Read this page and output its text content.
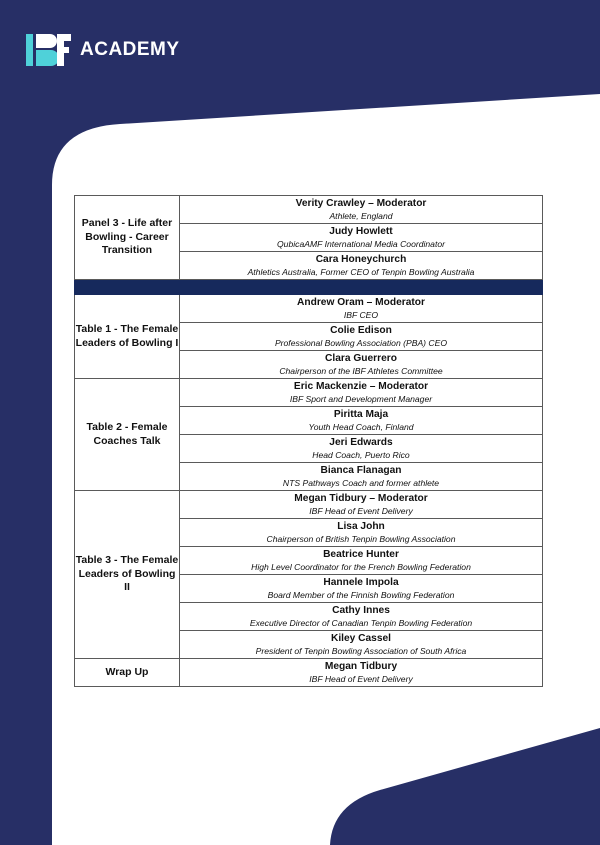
ACADEMY
Panel 3 - Life after Bowling - Career Transition	Verity Crawley – Moderator
Athlete, England

	Judy Howlett
QubicaAMF International Media Coordinator

	Cara Honeychurch
Athletics Australia, Former CEO of Tenpin Bowling Australia

Table 1 - The Female Leaders of Bowling I	Andrew Oram – Moderator
IBF CEO

	Colie Edison
Professional Bowling Association (PBA) CEO

	Clara Guerrero
Chairperson of the IBF Athletes Committee

Table 2 - Female Coaches Talk	Eric Mackenzie – Moderator
IBF Sport and Development Manager

	Piritta Maja
Youth Head Coach, Finland

	Jeri Edwards
Head Coach, Puerto Rico

	Bianca Flanagan
NTS Pathways Coach and former athlete

Table 3 - The Female Leaders of Bowling II	Megan Tidbury – Moderator
IBF Head of Event Delivery

	Lisa John
Chairperson of British Tenpin Bowling Association

	Beatrice Hunter
High Level Coordinator for the French Bowling Federation

	Hannele Impola
Board Member of the Finnish Bowling Federation

	Cathy Innes
Executive Director of Canadian Tenpin Bowling Federation

	Kiley Cassel
President of Tenpin Bowling Association of South Africa

Wrap Up	Megan Tidbury
IBF Head of Event Delivery
